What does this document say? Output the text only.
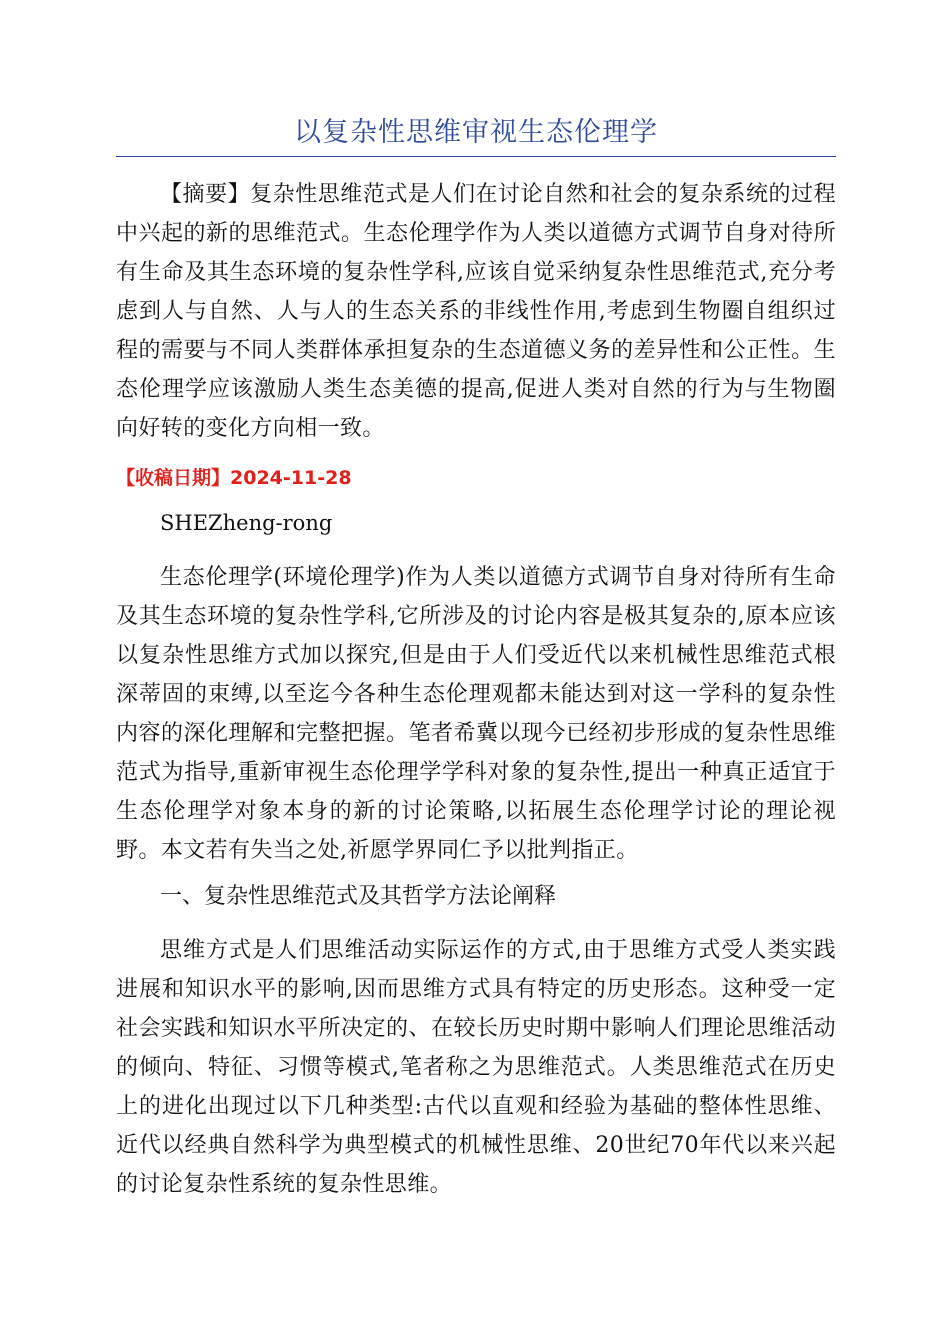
以复杂性思维审视生态伦理学

【摘要】复杂性思维范式是人们在讨论自然和社会的复杂系统的过程中兴起的新的思维范式。生态伦理学作为人类以道德方式调节自身对待所有生命及其生态环境的复杂性学科,应该自觉采纳复杂性思维范式,充分考虑到人与自然、人与人的生态关系的非线性作用,考虑到生物圈自组织过程的需要与不同人类群体承担复杂的生态道德义务的差异性和公正性。生态伦理学应该激励人类生态美德的提高,促进人类对自然的行为与生物圈向好转的变化方向相一致。

【收稿日期】2024-11-28

SHEZheng-rong

生态伦理学(环境伦理学)作为人类以道德方式调节自身对待所有生命及其生态环境的复杂性学科,它所涉及的讨论内容是极其复杂的,原本应该以复杂性思维方式加以探究,但是由于人们受近代以来机械性思维范式根深蒂固的束缚,以至迄今各种生态伦理观都未能达到对这一学科的复杂性内容的深化理解和完整把握。笔者希冀以现今已经初步形成的复杂性思维范式为指导,重新审视生态伦理学学科对象的复杂性,提出一种真正适宜于生态伦理学对象本身的新的讨论策略,以拓展生态伦理学讨论的理论视野。本文若有失当之处,祈愿学界同仁予以批判指正。

一、复杂性思维范式及其哲学方法论阐释

思维方式是人们思维活动实际运作的方式,由于思维方式受人类实践进展和知识水平的影响,因而思维方式具有特定的历史形态。这种受一定社会实践和知识水平所决定的、在较长历史时期中影响人们理论思维活动的倾向、特征、习惯等模式,笔者称之为思维范式。人类思维范式在历史上的进化出现过以下几种类型:古代以直观和经验为基础的整体性思维、近代以经典自然科学为典型模式的机械性思维、20世纪70年代以来兴起的讨论复杂性系统的复杂性思维。
